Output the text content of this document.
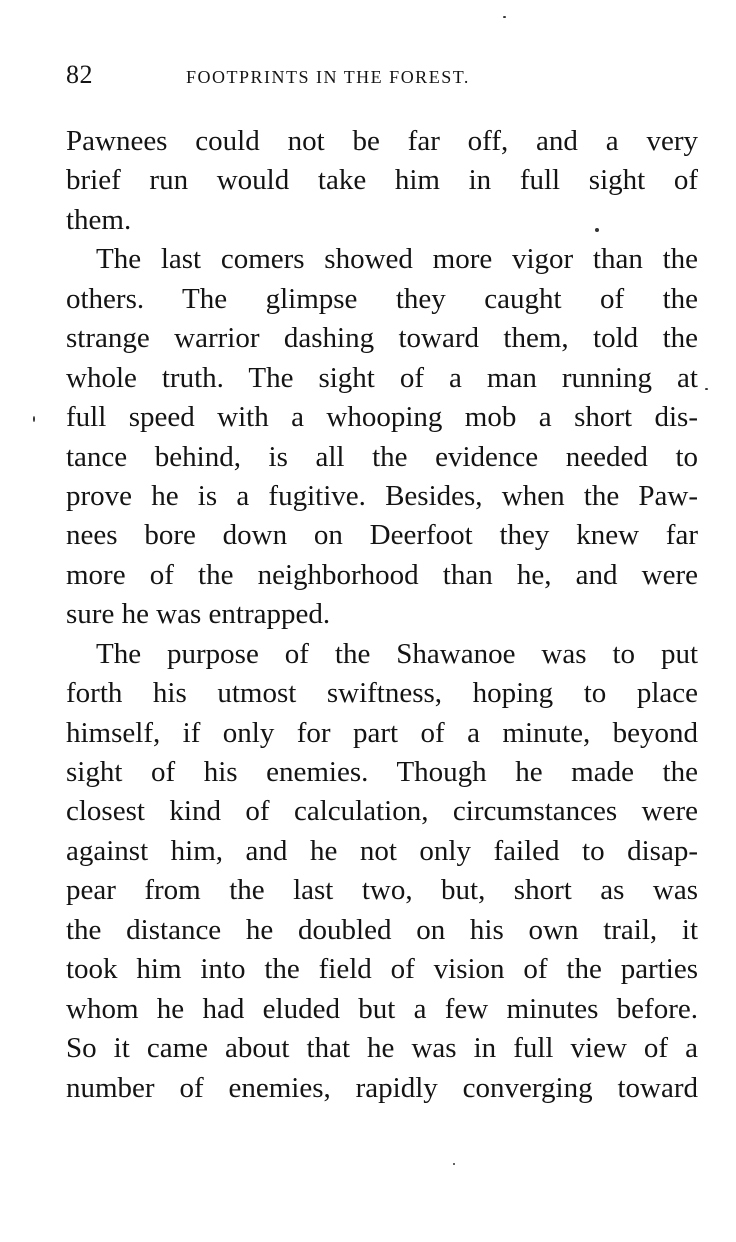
82	FOOTPRINTS IN THE FOREST.
Pawnees could not be far off, and a very
brief run would take him in full sight of
them.
The last comers showed more vigor than the
others. The glimpse they caught of the
strange warrior dashing toward them, told the
whole truth. The sight of a man running at
full speed with a whooping mob a short dis-
tance behind, is all the evidence needed to
prove he is a fugitive. Besides, when the Paw-
nees bore down on Deerfoot they knew far
more of the neighborhood than he, and were
sure he was entrapped.
The purpose of the Shawanoe was to put
forth his utmost swiftness, hoping to place
himself, if only for part of a minute, beyond
sight of his enemies. Though he made the
closest kind of calculation, circumstances were
against him, and he not only failed to disap-
pear from the last two, but, short as was
the distance he doubled on his own trail, it
took him into the field of vision of the parties
whom he had eluded but a few minutes before.
So it came about that he was in full view of a
number of enemies, rapidly converging toward
